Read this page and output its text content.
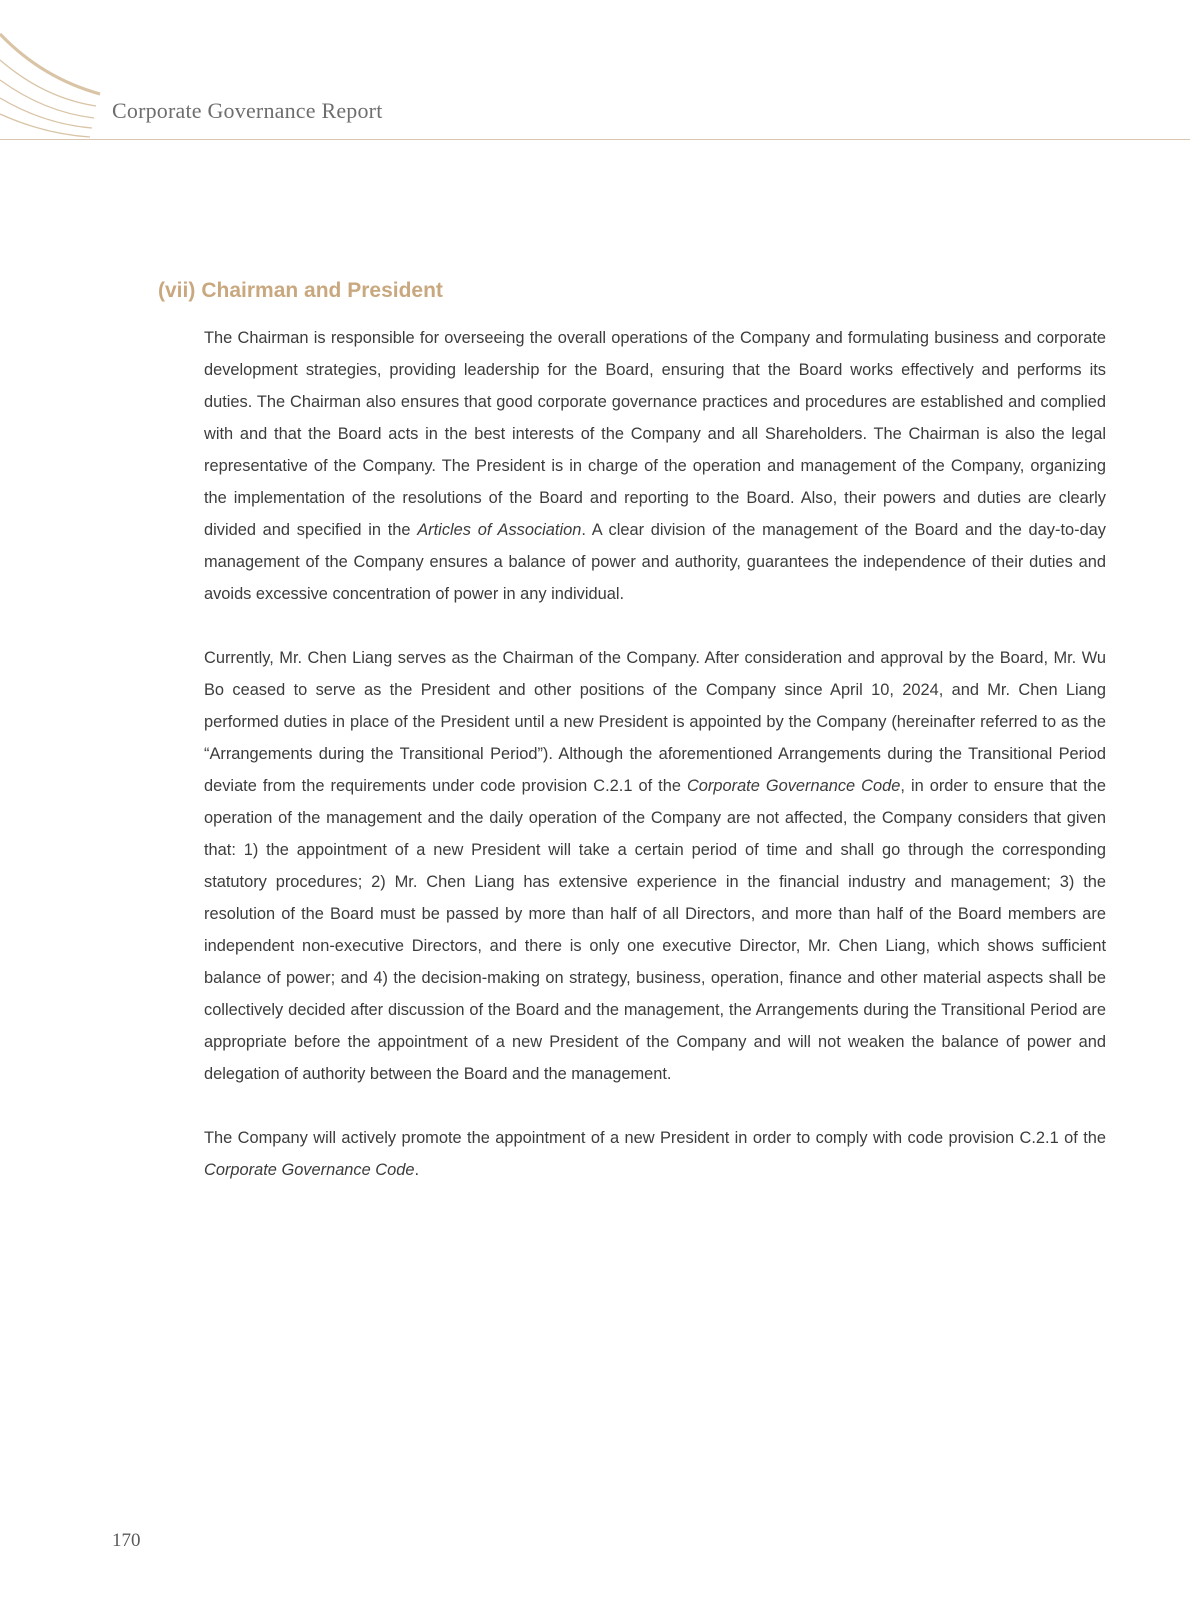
Corporate Governance Report
(vii) Chairman and President

The Chairman is responsible for overseeing the overall operations of the Company and formulating business and corporate development strategies, providing leadership for the Board, ensuring that the Board works effectively and performs its duties. The Chairman also ensures that good corporate governance practices and procedures are established and complied with and that the Board acts in the best interests of the Company and all Shareholders. The Chairman is also the legal representative of the Company. The President is in charge of the operation and management of the Company, organizing the implementation of the resolutions of the Board and reporting to the Board. Also, their powers and duties are clearly divided and specified in the Articles of Association. A clear division of the management of the Board and the day-to-day management of the Company ensures a balance of power and authority, guarantees the independence of their duties and avoids excessive concentration of power in any individual.

Currently, Mr. Chen Liang serves as the Chairman of the Company. After consideration and approval by the Board, Mr. Wu Bo ceased to serve as the President and other positions of the Company since April 10, 2024, and Mr. Chen Liang performed duties in place of the President until a new President is appointed by the Company (hereinafter referred to as the “Arrangements during the Transitional Period”). Although the aforementioned Arrangements during the Transitional Period deviate from the requirements under code provision C.2.1 of the Corporate Governance Code, in order to ensure that the operation of the management and the daily operation of the Company are not affected, the Company considers that given that: 1) the appointment of a new President will take a certain period of time and shall go through the corresponding statutory procedures; 2) Mr. Chen Liang has extensive experience in the financial industry and management; 3) the resolution of the Board must be passed by more than half of all Directors, and more than half of the Board members are independent non-executive Directors, and there is only one executive Director, Mr. Chen Liang, which shows sufficient balance of power; and 4) the decision-making on strategy, business, operation, finance and other material aspects shall be collectively decided after discussion of the Board and the management, the Arrangements during the Transitional Period are appropriate before the appointment of a new President of the Company and will not weaken the balance of power and delegation of authority between the Board and the management.

The Company will actively promote the appointment of a new President in order to comply with code provision C.2.1 of the Corporate Governance Code.

170
